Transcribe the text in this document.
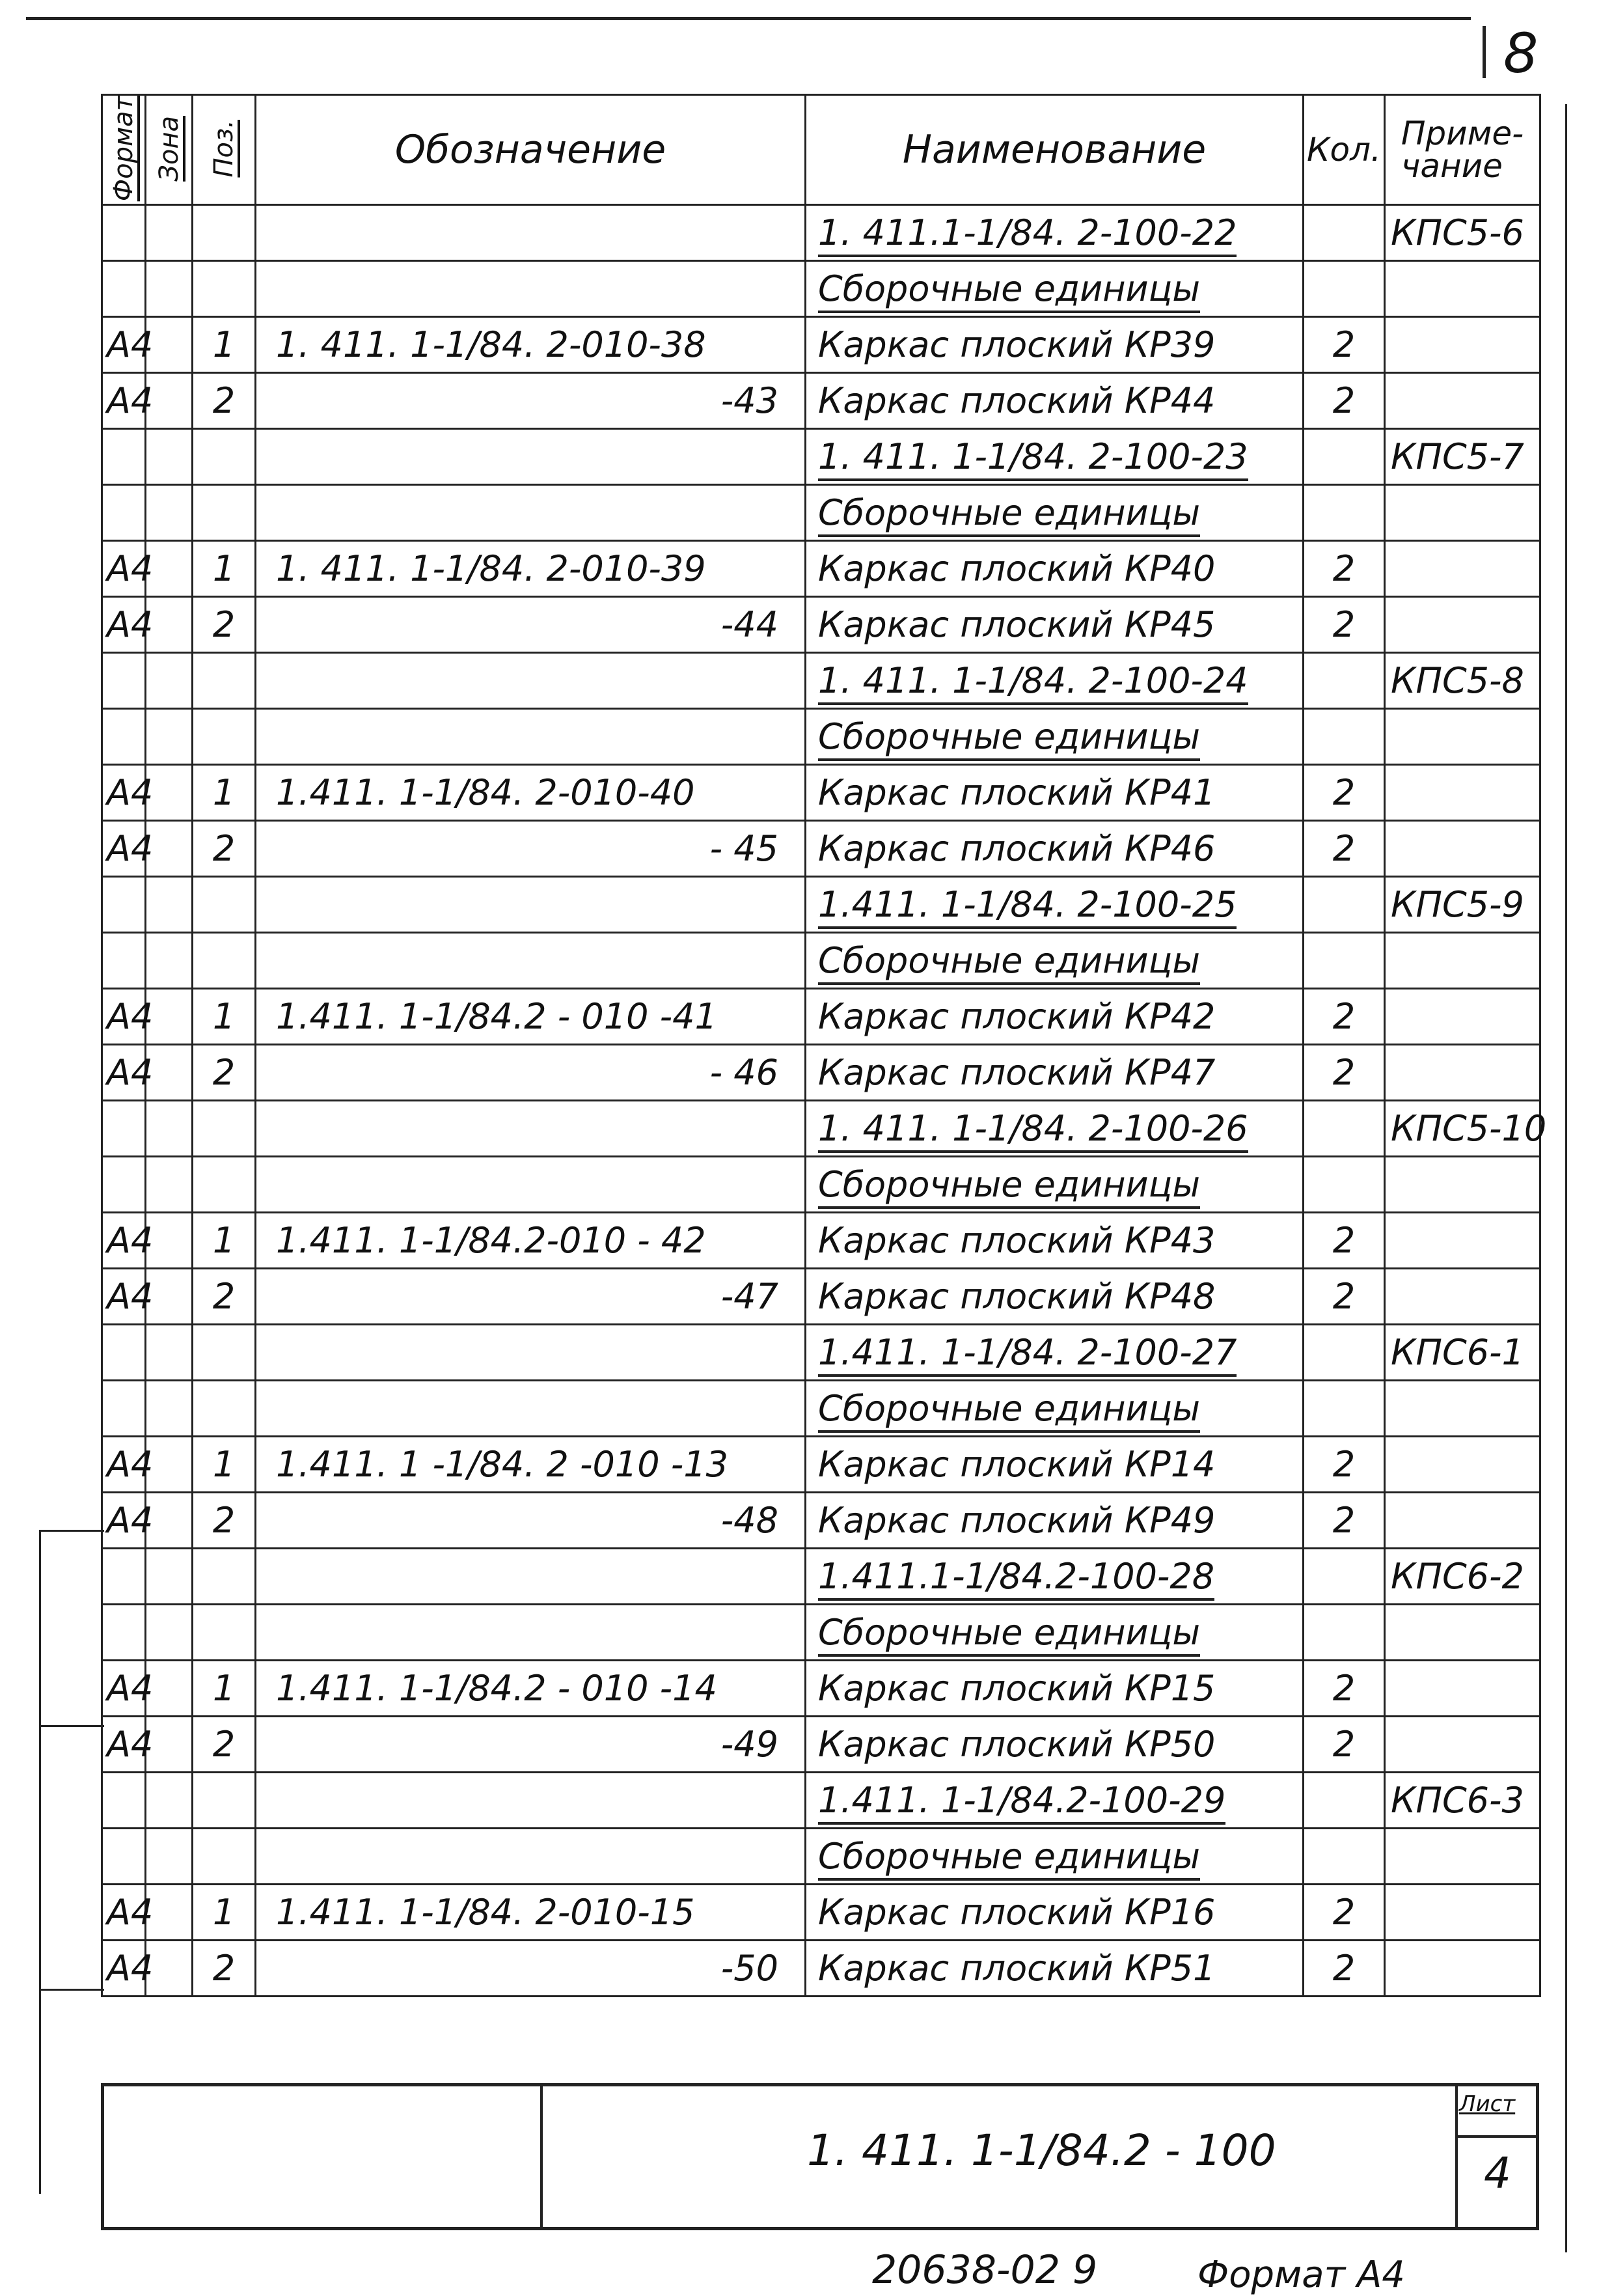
8
Формат	Зона	Поз.	Обозначение	Наименование	Кол.	Приме-
чание
				1. 411.1-1/84. 2-100-22		КПС5-6
				Сборочные единицы		
А4		1	1. 411. 1-1/84. 2-010-38	Каркас плоский КР39	2	
А4		2	-43	Каркас плоский КР44	2	
				1. 411. 1-1/84. 2-100-23		КПС5-7
				Сборочные единицы		
А4		1	1. 411. 1-1/84. 2-010-39	Каркас плоский КР40	2	
А4		2	-44	Каркас плоский КР45	2	
				1. 411. 1-1/84. 2-100-24		КПС5-8
				Сборочные единицы		
А4		1	1.411. 1-1/84. 2-010-40	Каркас плоский КР41	2	
А4		2	- 45	Каркас плоский КР46	2	
				1.411. 1-1/84. 2-100-25		КПС5-9
				Сборочные единицы		
А4		1	1.411. 1-1/84.2 - 010 -41	Каркас плоский КР42	2	
А4		2	- 46	Каркас плоский КР47	2	
				1. 411. 1-1/84. 2-100-26		КПС5-10
				Сборочные единицы		
А4		1	1.411. 1-1/84.2-010 - 42	Каркас плоский КР43	2	
А4		2	-47	Каркас плоский КР48	2	
				1.411. 1-1/84. 2-100-27		КПС6-1
				Сборочные единицы		
А4		1	1.411. 1 -1/84. 2 -010 -13	Каркас плоский КР14	2	
А4		2	-48	Каркас плоский КР49	2	
				1.411.1-1/84.2-100-28		КПС6-2
				Сборочные единицы		
А4		1	1.411. 1-1/84.2 - 010 -14	Каркас плоский КР15	2	
А4		2	-49	Каркас плоский КР50	2	
				1.411. 1-1/84.2-100-29		КПС6-3
				Сборочные единицы		
А4		1	1.411. 1-1/84. 2-010-15	Каркас плоский КР16	2	
А4		2	-50	Каркас плоский КР51	2	
1. 411. 1-1/84.2 - 100
Лист
4
20638-02 9	Формат А4
